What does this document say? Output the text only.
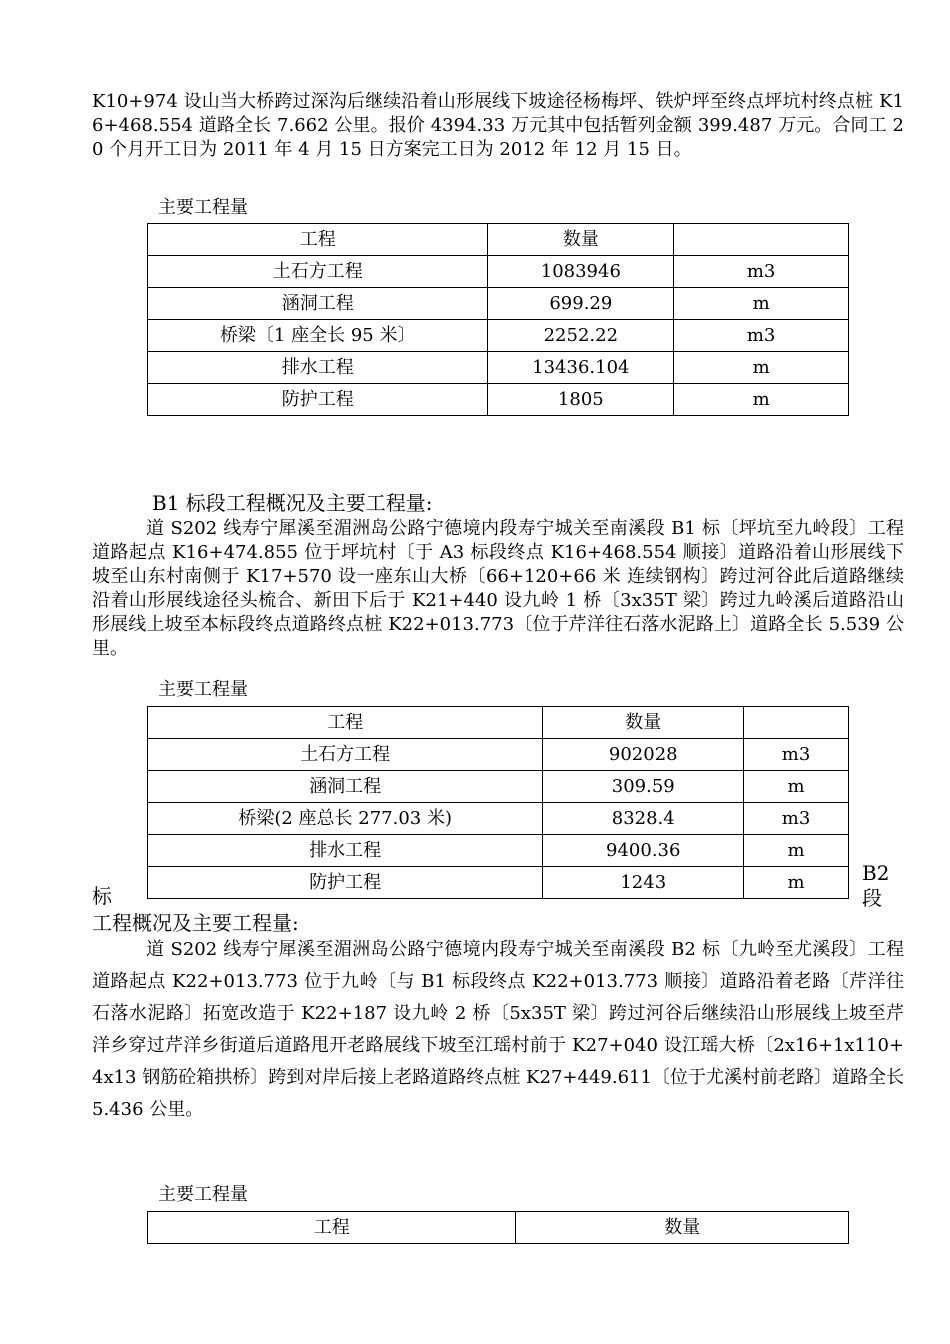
K10+974 设山当大桥跨过深沟后继续沿着山形展线下坡途径杨梅坪、铁炉坪至终点坪坑村终点桩 K16+468.554 道路全长 7.662 公里。报价 4394.33 万元其中包括暂列金额 399.487 万元。合同工 20 个月开工日为 2011 年 4 月 15 日方案完工日为 2012 年 12 月 15 日。

主要工程量
工程	数量	
土石方工程	1083946	m3
涵洞工程	699.29	m
桥梁〔1 座全长 95 米〕	2252.22	m3
排水工程	13436.104	m
防护工程	1805	m
B1 标段工程概况及主要工程量:

道 S202 线寿宁犀溪至湄洲岛公路宁德境内段寿宁城关至南溪段 B1 标〔坪坑至九岭段〕工程道路起点 K16+474.855 位于坪坑村〔于 A3 标段终点 K16+468.554 顺接〕道路沿着山形展线下坡至山东村南侧于 K17+570 设一座东山大桥〔66+120+66 米 连续钢构〕跨过河谷此后道路继续沿着山形展线途径头梳合、新田下后于 K21+440 设九岭 1 桥〔3x35T 梁〕跨过九岭溪后道路沿山形展线上坡至本标段终点道路终点桩 K22+013.773〔位于芹洋往石落水泥路上〕道路全长 5.539 公里。

主要工程量
工程	数量	
土石方工程	902028	m3
涵洞工程	309.59	m
桥梁(2 座总长 277.03 米)	8328.4	m3
排水工程	9400.36	m
防护工程	1243	m
标
B2
段
工程概况及主要工程量:

道 S202 线寿宁犀溪至湄洲岛公路宁德境内段寿宁城关至南溪段 B2 标〔九岭至尤溪段〕工程道路起点 K22+013.773 位于九岭〔与 B1 标段终点 K22+013.773 顺接〕道路沿着老路〔芹洋往石落水泥路〕拓宽改造于 K22+187 设九岭 2 桥〔5x35T 梁〕跨过河谷后继续沿山形展线上坡至芹洋乡穿过芹洋乡街道后道路甩开老路展线下坡至江瑶村前于 K27+040 设江瑶大桥〔2x16+1x110+4x13 钢筋砼箱拱桥〕跨到对岸后接上老路道路终点桩 K27+449.611〔位于尤溪村前老路〕道路全长 5.436 公里。

主要工程量
工程	数量
